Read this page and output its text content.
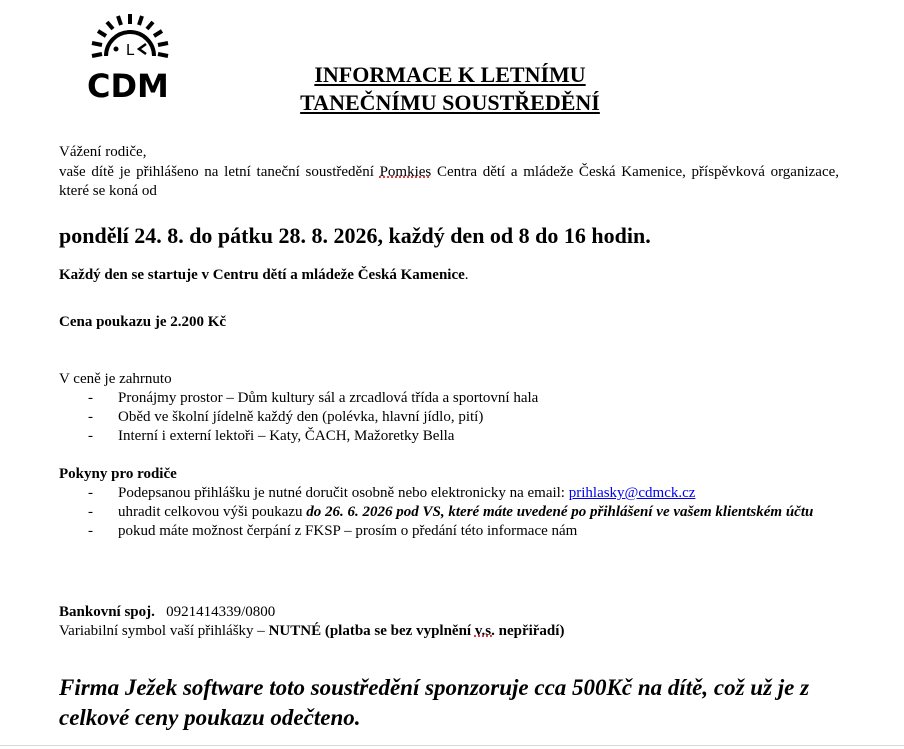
L
CDM	INFORMACE K LETNÍMU
TANEČNÍMU SOUSTŘEDĚNÍ
Vážení rodiče,
vaše dítě je přihlášeno na letní taneční soustředění Pomkies Centra dětí a mládeže Česká Kamenice, příspěvková organizace, které se koná od
pondělí 24. 8. do pátku 28. 8. 2026, každý den od 8 do 16 hodin.
Každý den se startuje v Centru dětí a mládeže Česká Kamenice.
Cena poukazu je 2.200 Kč
V ceně je zahrnuto
- Pronájmy prostor – Dům kultury sál a zrcadlová třída a sportovní hala
- Oběd ve školní jídelně každý den (polévka, hlavní jídlo, pití)
- Interní i externí lektoři – Katy, ČACH, Mažoretky Bella
Pokyny pro rodiče
- Podepsanou přihlášku je nutné doručit osobně nebo elektronicky na email: prihlasky@cdmck.cz
- uhradit celkovou výši poukazu do 26. 6. 2026 pod VS, které máte uvedené po přihlášení ve vašem klientském účtu
- pokud máte možnost čerpání z FKSP – prosím o předání této informace nám
Bankovní spoj. 0921414339/0800
Variabilní symbol vaší přihlášky – NUTNÉ (platba se bez vyplnění v.s. nepřiřadí)
Firma Ježek software toto soustředění sponzoruje cca 500Kč na dítě, což už je z celkové ceny poukazu odečteno.
